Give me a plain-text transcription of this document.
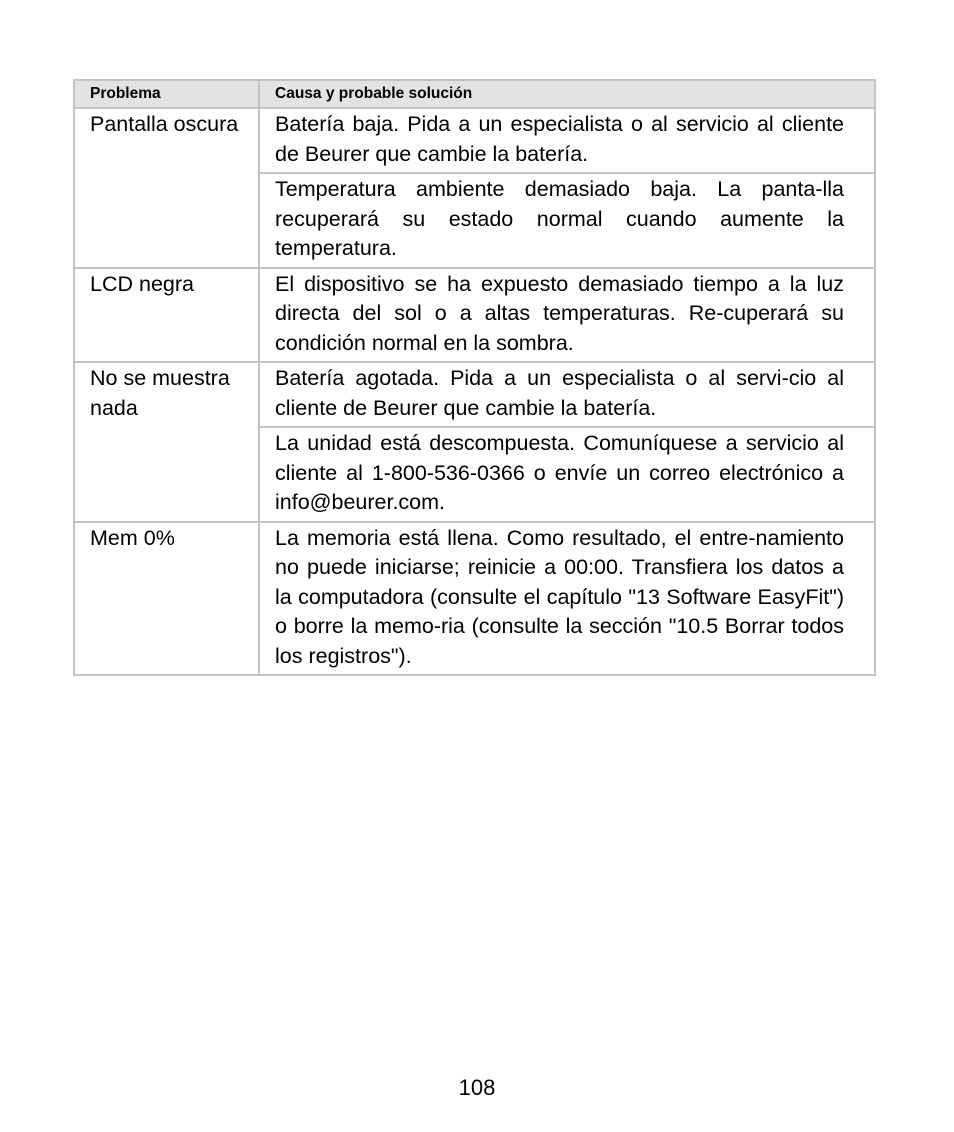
Problema	Causa y probable solución
Pantalla oscura	Batería baja. Pida a un especialista o al servicio al cliente de Beurer que cambie la batería.
	Temperatura ambiente demasiado baja. La panta-lla recuperará su estado normal cuando aumente la temperatura.
LCD negra	El dispositivo se ha expuesto demasiado tiempo a la luz directa del sol o a altas temperaturas. Re-cuperará su condición normal en la sombra.
No se muestra nada	Batería agotada. Pida a un especialista o al servi-cio al cliente de Beurer que cambie la batería.
	La unidad está descompuesta. Comuníquese a servicio al cliente al 1-800-536-0366 o envíe un correo electrónico a info@beurer.com.
Mem 0%	La memoria está llena. Como resultado, el entre-namiento no puede iniciarse; reinicie a 00:00. Transfiera los datos a la computadora (consulte el capítulo "13 Software EasyFit") o borre la memo-ria (consulte la sección "10.5 Borrar todos los registros").
108
